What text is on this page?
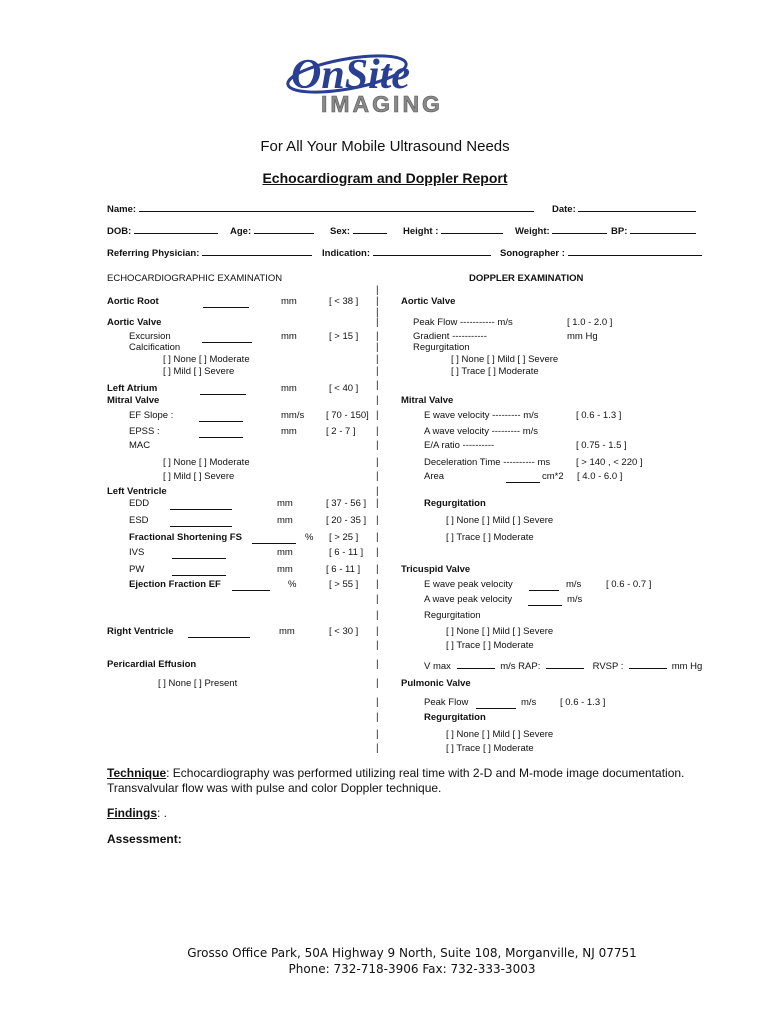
OnSite
IMAGING
For All Your Mobile Ultrasound Needs
Echocardiogram and Doppler Report
Name:	Date:
DOB:	Age:	Sex:	Height :	Weight:	BP:
Referring Physician:	Indication:	Sonographer :
ECHOCARDIOGRAPHIC EXAMINATION	DOPPLER EXAMINATION
Aortic Root	mm	[ < 38 ]
Aortic Valve
Excursion	mm	[ > 15 ]
Calcification
[ ] None [ ] Moderate
[ ] Mild [ ] Severe
Left Atrium	mm	[ < 40 ]
Mitral Valve
EF Slope :	mm/s [ 70 - 150]
EPSS :	mm	[ 2 - 7 ]
MAC
[ ] None [ ] Moderate
[ ] Mild [ ] Severe
Left Ventricle
EDD	mm	[ 37 - 56 ]
ESD	mm	[ 20 - 35 ]
Fractional Shortening FS	% [ > 25 ]
IVS	mm	[ 6 - 11 ]
PW	mm	[ 6 - 11 ]
Ejection Fraction EF	%	[ > 55 ]
Right Ventricle	mm	[ < 30 ]
Pericardial Effusion
[ ] None [ ] Present
|
|
|
|
|
|
|
|
|
|
|
|
|
|
|
|
|
|
|
|
|
|
|
|
|
|
|
|
|
|
|
|
Aortic Valve
Peak Flow ----------- m/s	[ 1.0 - 2.0 ]
Gradient -----------	mm Hg
Regurgitation
[ ] None [ ] Mild [ ] Severe
[ ] Trace [ ] Moderate
Mitral Valve
E wave velocity --------- m/s	[ 0.6 - 1.3 ]
A wave velocity --------- m/s
E/A ratio ----------	[ 0.75 - 1.5 ]
Deceleration Time ---------- ms	[ > 140 , < 220 ]
Area	cm*2 [ 4.0 - 6.0 ]
Regurgitation
[ ] None [ ] Mild [ ] Severe
[ ] Trace [ ] Moderate
Tricuspid Valve
E wave peak velocity	m/s	[ 0.6 - 0.7 ]
A wave peak velocity	m/s
Regurgitation
[ ] None [ ] Mild [ ] Severe
[ ] Trace [ ] Moderate
V max	m/s RAP:	RVSP :	mm Hg
Pulmonic Valve
Peak Flow	m/s [ 0.6 - 1.3 ]
Regurgitation
[ ] None [ ] Mild [ ] Severe
[ ] Trace [ ] Moderate
Technique: Echocardiography was performed utilizing real time with 2-D and M-mode image documentation.
Transvalvular flow was with pulse and color Doppler technique.
Findings: .
Assessment:
Grosso Office Park, 50A Highway 9 North, Suite 108, Morganville, NJ 07751
Phone: 732-718-3906 Fax: 732-333-3003
